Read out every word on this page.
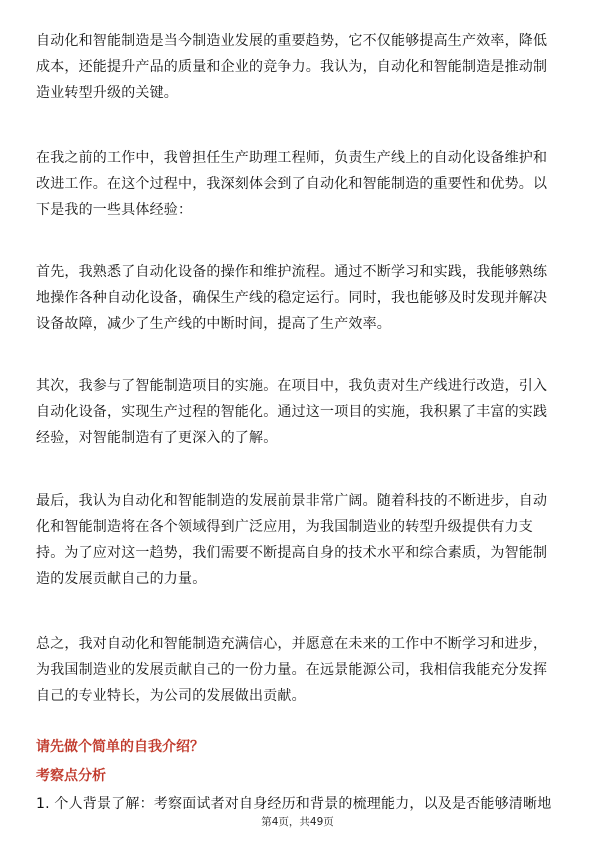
自动化和智能制造是当今制造业发展的重要趋势，它不仅能够提高生产效率，降低
成本，还能提升产品的质量和企业的竞争力。我认为，自动化和智能制造是推动制
造业转型升级的关键。

在我之前的工作中，我曾担任生产助理工程师，负责生产线上的自动化设备维护和
改进工作。在这个过程中，我深刻体会到了自动化和智能制造的重要性和优势。以
下是我的一些具体经验：

首先，我熟悉了自动化设备的操作和维护流程。通过不断学习和实践，我能够熟练
地操作各种自动化设备，确保生产线的稳定运行。同时，我也能够及时发现并解决
设备故障，减少了生产线的中断时间，提高了生产效率。

其次，我参与了智能制造项目的实施。在项目中，我负责对生产线进行改造，引入
自动化设备，实现生产过程的智能化。通过这一项目的实施，我积累了丰富的实践
经验，对智能制造有了更深入的了解。

最后，我认为自动化和智能制造的发展前景非常广阔。随着科技的不断进步，自动
化和智能制造将在各个领域得到广泛应用，为我国制造业的转型升级提供有力支
持。为了应对这一趋势，我们需要不断提高自身的技术水平和综合素质，为智能制
造的发展贡献自己的力量。

总之，我对自动化和智能制造充满信心，并愿意在未来的工作中不断学习和进步，
为我国制造业的发展贡献自己的一份力量。在远景能源公司，我相信我能充分发挥
自己的专业特长，为公司的发展做出贡献。

请先做个简单的自我介绍？

考察点分析

1. 个人背景了解：考察面试者对自身经历和背景的梳理能力，以及是否能够清晰地

第4页，共49页
